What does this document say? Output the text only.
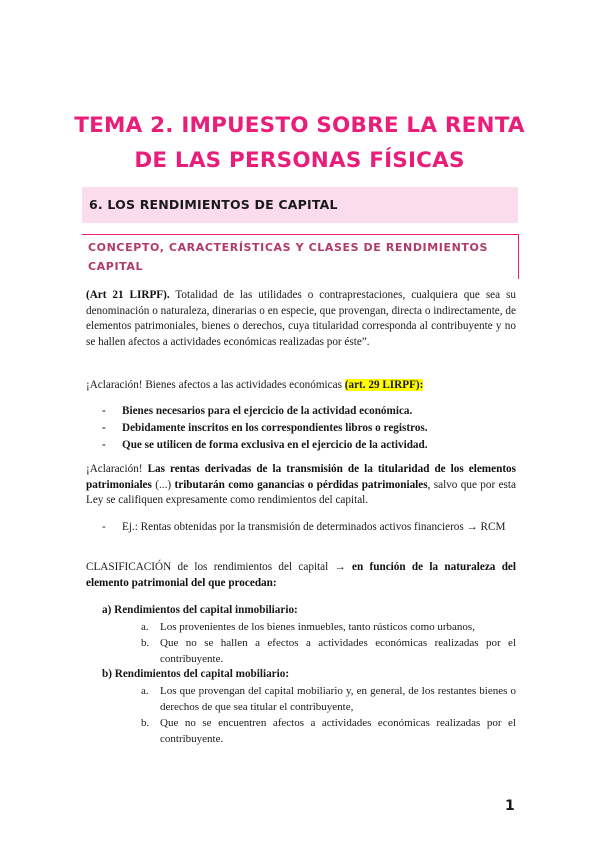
TEMA 2. IMPUESTO SOBRE LA RENTA
DE LAS PERSONAS FÍSICAS
6. LOS RENDIMIENTOS DE CAPITAL
CONCEPTO, CARACTERÍSTICAS Y CLASES DE RENDIMIENTOS
CAPITAL
(Art 21 LIRPF). Totalidad de las utilidades o contraprestaciones, cualquiera que sea su denominación o naturaleza, dinerarias o en especie, que provengan, directa o indirectamente, de elementos patrimoniales, bienes o derechos, cuya titularidad corresponda al contribuyente y no se hallen afectos a actividades económicas realizadas por éste”.
¡Aclaración! Bienes afectos a las actividades económicas (art. 29 LIRPF):
- Bienes necesarios para el ejercicio de la actividad económica.
- Debidamente inscritos en los correspondientes libros o registros.
- Que se utilicen de forma exclusiva en el ejercicio de la actividad.
¡Aclaración! Las rentas derivadas de la transmisión de la titularidad de los elementos patrimoniales (...) tributarán como ganancias o pérdidas patrimoniales, salvo que por esta Ley se califiquen expresamente como rendimientos del capital.
- Ej.: Rentas obtenidas por la transmisión de determinados activos financieros → RCM
CLASIFICACIÓN de los rendimientos del capital → en función de la naturaleza del elemento patrimonial del que procedan:
a) Rendimientos del capital inmobiliario:
a. Los provenientes de los bienes inmuebles, tanto rústicos como urbanos,
b. Que no se hallen a efectos a actividades económicas realizadas por el contribuyente.
b) Rendimientos del capital mobiliario:
a. Los que provengan del capital mobiliario y, en general, de los restantes bienes o derechos de que sea titular el contribuyente,
b. Que no se encuentren afectos a actividades económicas realizadas por el contribuyente.
1
